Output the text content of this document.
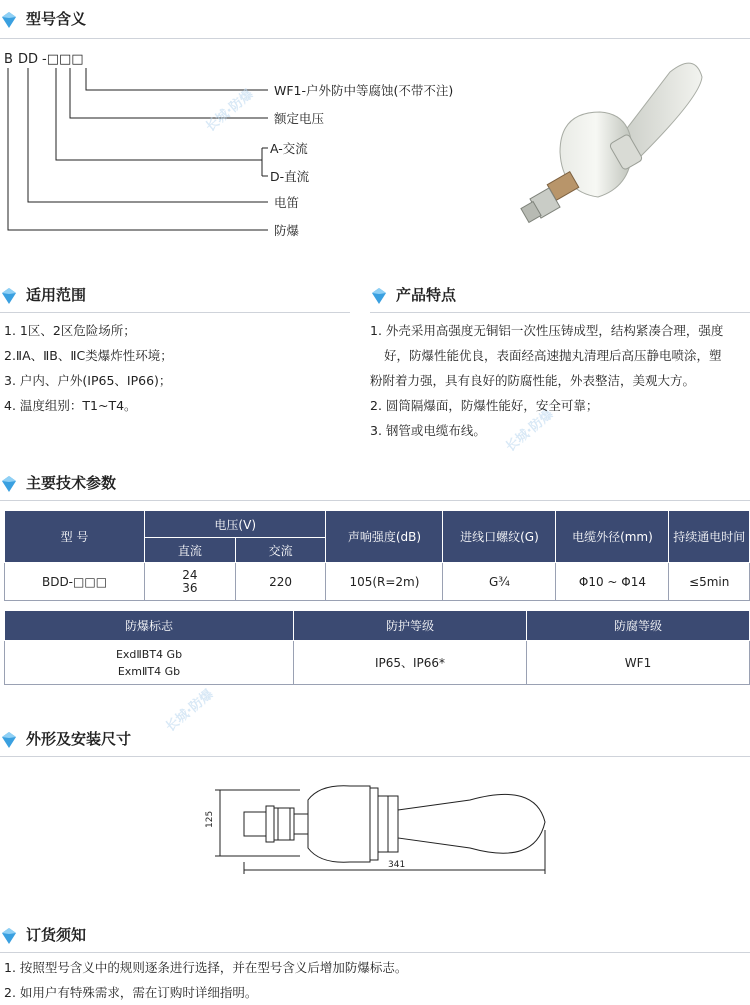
型号含义
B DD -□□□
WF1-户外防中等腐蚀(不带不注)
额定电压
A-交流
D-直流
电笛
防爆
长城·防爆
长城·防爆
长城·防爆
适用范围
1. 1区、2区危险场所；
2.ⅡA、ⅡB、ⅡC类爆炸性环境；
3. 户内、户外(IP65、IP66)；
4. 温度组别：T1~T4。
产品特点
1. 外壳采用高强度无铜铝一次性压铸成型，结构紧凑合理，强度
好，防爆性能优良，表面经高速抛丸清理后高压静电喷涂，塑
粉附着力强，具有良好的防腐性能，外表整洁，美观大方。
2. 圆筒隔爆面，防爆性能好，安全可靠；
3. 钢管或电缆布线。
主要技术参数
型 号	电压(V)		声响强度(dB)	进线口螺纹(G)	电缆外径(mm)	持续通电时间
	直流	交流				
BDD-□□□	24
36	220	105(R=2m)	G¾	Φ10 ~ Φ14	≤5min
防爆标志	防护等级	防腐等级

ExdⅡBT4 Gb
ExmⅡT4 Gb	IP65、IP66*	WF1
外形及安装尺寸
125
341
订货须知
1. 按照型号含义中的规则逐条进行选择，并在型号含义后增加防爆标志。
2. 如用户有特殊需求，需在订购时详细指明。
